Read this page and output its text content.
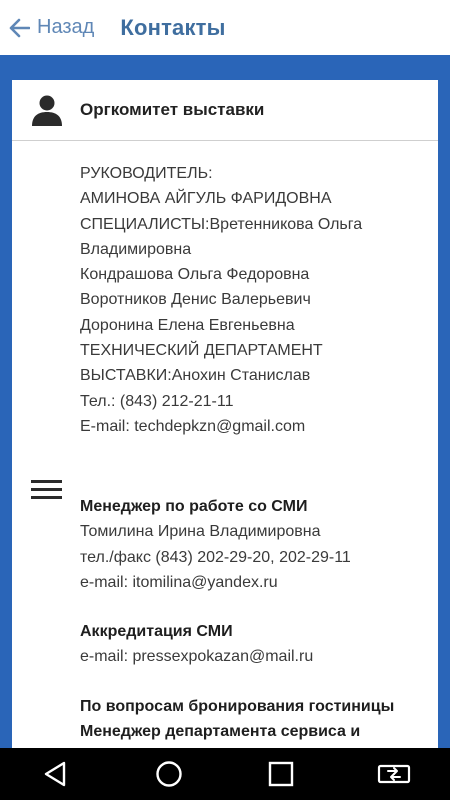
Назад Контакты
Оргкомитет выставки
РУКОВОДИТЕЛЬ:
АМИНОВА АЙГУЛЬ ФАРИДОВНА
СПЕЦИАЛИСТЫ:Вретенникова Ольга
Владимировна
Кондрашова Ольга Федоровна
Воротников Денис Валерьевич
Доронина Елена Евгеньевна
ТЕХНИЧЕСКИЙ ДЕПАРТАМЕНТ
ВЫСТАВКИ:Анохин Станислав
Тел.: (843) 212-21-11
E-mail: techdepkzn@gmail.com
Менеджер по работе со СМИ
Томилина Ирина Владимировна
тел./факс (843) 202-29-20, 202-29-11
e-mail: itomilina@yandex.ru
Аккредитация СМИ
e-mail: pressexpokazan@mail.ru
По вопросам бронирования гостиницы
Менеджер департамента сервиса и
